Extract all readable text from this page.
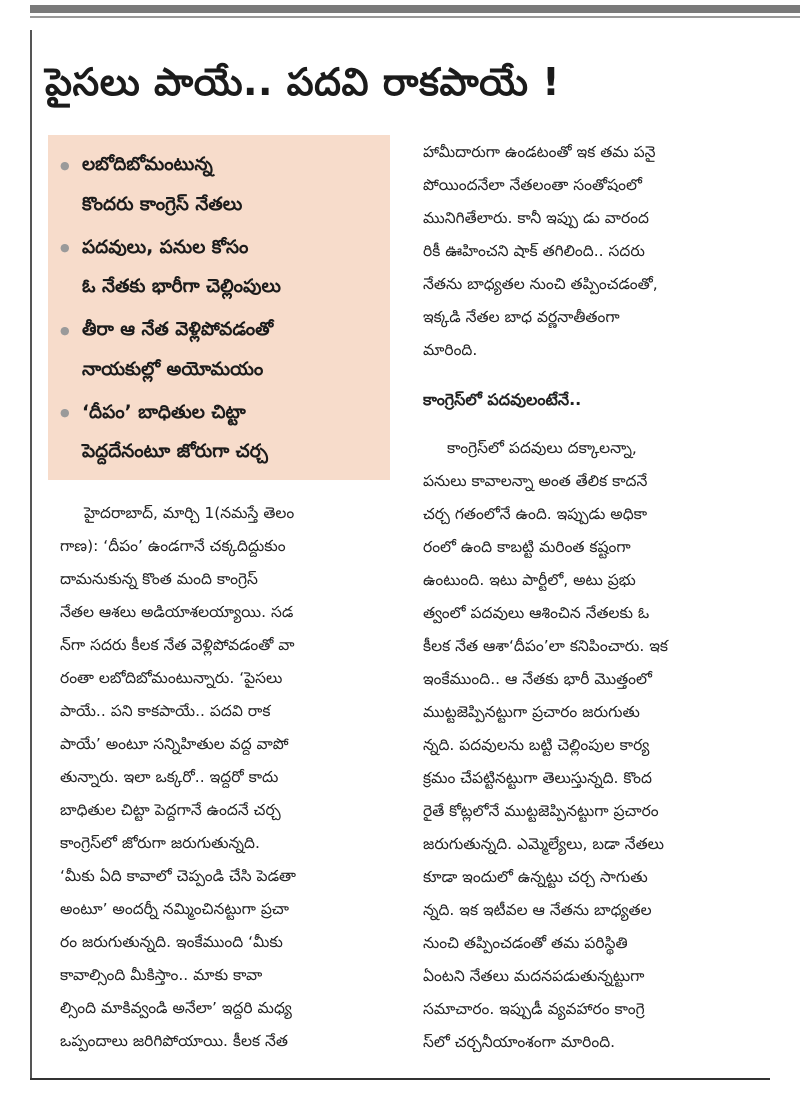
పైసలు పాయే.. పదవి రాకపాయే !
● లబోదిబోమంటున్న
కొందరు కాంగ్రెస్ నేతలు
● పదవులు, పనుల కోసం
ఓ నేతకు భారీగా చెల్లింపులు
● తీరా ఆ నేత వెళ్లిపోవడంతో
నాయకుల్లో అయోమయం
● ‘దీపం’ బాధితుల చిట్టా
పెద్దదేనంటూ జోరుగా చర్చ
హైదరాబాద్, మార్చి 1(నమస్తే తెలం
గాణ): ‘దీపం’ ఉండగానే చక్కదిద్దుకుం
దామనుకున్న కొంత మంది కాంగ్రెస్
నేతల ఆశలు అడియాశలయ్యాయి. సడ
న్‌గా సదరు కీలక నేత వెళ్లిపోవడంతో వా
రంతా లబోదిబోమంటున్నారు. ‘పైసలు
పాయే.. పని కాకపాయే.. పదవి రాక
పాయే’ అంటూ సన్నిహితుల వద్ద వాపో
తున్నారు. ఇలా ఒక్కరో.. ఇద్దరో కాదు
బాధితుల చిట్టా పెద్దగానే ఉందనే చర్చ
కాంగ్రెస్‌లో జోరుగా జరుగుతున్నది.
‘మీకు ఏది కావాలో చెప్పండి చేసి పెడతా
అంటూ’ అందర్నీ నమ్మించినట్టుగా ప్రచా
రం జరుగుతున్నది. ఇంకేముంది ‘మీకు
కావాల్సింది మీకిస్తాం.. మాకు కావా
ల్సింది మాకివ్వండి అనేలా’ ఇద్దరి మధ్య
ఒప్పందాలు జరిగిపోయాయి. కీలక నేత
హామీదారుగా ఉండటంతో ఇక తమ పనై
పోయిందనేలా నేతలంతా సంతోషంలో
మునిగితేలారు. కానీ ఇప్పు డు వారంద
రికీ ఊహించని షాక్ తగిలింది.. సదరు
నేతను బాధ్యతల నుంచి తప్పించడంతో,
ఇక్కడి నేతల బాధ వర్ణనాతీతంగా
మారింది.
కాంగ్రెస్‌లో పదవులంటేనే..
కాంగ్రెస్‌లో పదవులు దక్కాలన్నా,
పనులు కావాలన్నా అంత తేలిక కాదనే
చర్చ గతంలోనే ఉంది. ఇప్పుడు అధికా
రంలో ఉంది కాబట్టి మరింత కష్టంగా
ఉంటుంది. ఇటు పార్టీలో, అటు ప్రభు
త్వంలో పదవులు ఆశించిన నేతలకు ఓ
కీలక నేత ఆశా‘దీపం’లా కనిపించారు. ఇక
ఇంకేముంది.. ఆ నేతకు భారీ మొత్తంలో
ముట్టజెప్పినట్టుగా ప్రచారం జరుగుతు
న్నది. పదవులను బట్టి చెల్లింపుల కార్య
క్రమం చేపట్టినట్టుగా తెలుస్తున్నది. కొంద
రైతే కోట్లలోనే ముట్టజెప్పినట్టుగా ప్రచారం
జరుగుతున్నది. ఎమ్మెల్యేలు, బడా నేతలు
కూడా ఇందులో ఉన్నట్టు చర్చ సాగుతు
న్నది. ఇక ఇటీవల ఆ నేతను బాధ్యతల
నుంచి తప్పించడంతో తమ పరిస్థితి
ఏంటని నేతలు మదనపడుతున్నట్టుగా
సమాచారం. ఇప్పుడీ వ్యవహారం కాంగ్రె
స్‌లో చర్చనీయాంశంగా మారింది.
